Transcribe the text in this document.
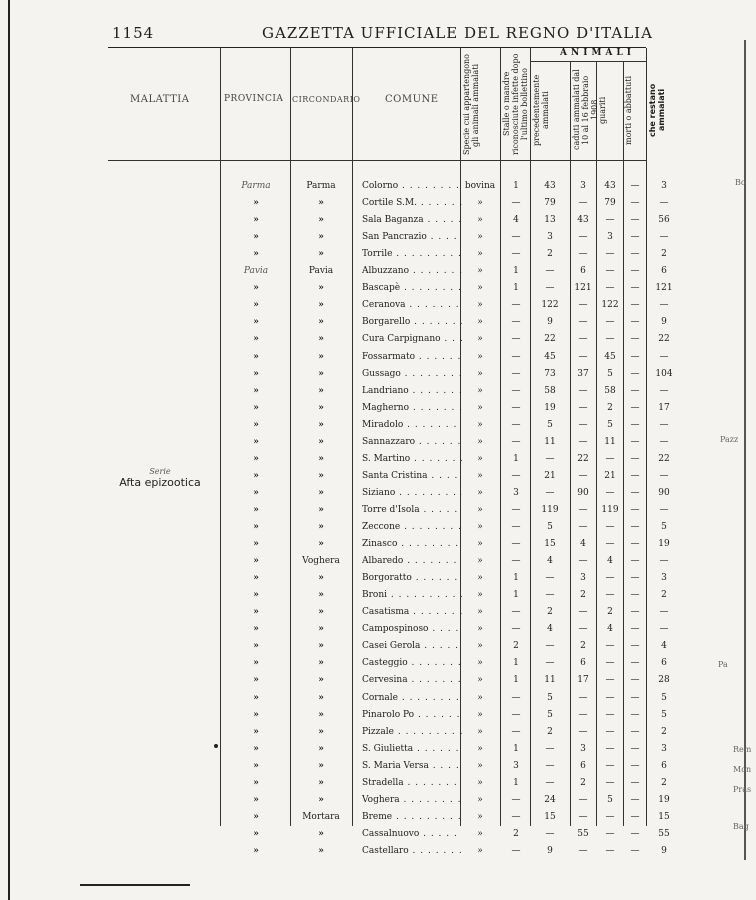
1154	GAZZETTA UFFICIALE DEL REGNO D'ITALIA
MALATTIA	PROVINCIA CIRCONDARIO COMUNE	Specie cui appartengono gli animali ammalati	Stalle o mandre riconosciute infette dopo l'ultimo bollettino
ANIMALI
precedentemente ammalati	caduti ammalati dal 10 al 16 febbraio 1908 guariti	morti o abbattuti	che restano ammalati
Serie
Afta epizootica
Parma	Parma	Colorno . . .	bovina	1	43	3	43	—	3
»	»	Cortile S.M. . . .	»	—	79	—	79	—	—
»	»	Sala Baganza . . .	»	4	13	43	—	—	56
»	»	San Pancrazio . . .	»	—	3	—	3	—	—
»	»	Torrile . . .	»	—	2	—	—	—	2
Pavia	Pavia	Albuzzano . . .	»	1	—	6	—	—	6
»	»	Bascapè . . .	»	1	—	121	—	—	121
»	»	Ceranova . . .	»	—	122	—	122	—	—
»	»	Borgarello . . .	»	—	9	—	—	—	9
»	»	Cura Carpignano . . .	»	—	22	—	—	—	22
»	»	Fossarmato . . .	»	—	45	—	45	—	—
»	»	Gussago . . .	»	—	73	37	5	—	104
»	»	Landriano . . .	»	—	58	—	58	—	—
»	»	Magherno . . .	»	—	19	—	2	—	17
»	»	Miradolo . . .	»	—	5	—	5	—	—
»	»	Sannazzaro . . .	»	—	11	—	11	—	—
»	»	S. Martino . . .	»	1	—	22	—	—	22
»	»	Santa Cristina . . .	»	—	21	—	21	—	—
»	»	Siziano . . .	»	3	—	90	—	—	90
»	»	Torre d'Isola . . .	»	—	119	—	119	—	—
»	»	Zeccone . . .	»	—	5	—	—	—	5
»	»	Zinasco . . .	»	—	15	4	—	—	19
»	Voghera	Albaredo . . .	»	—	4	—	4	—	—
»	»	Borgoratto . . .	»	1	—	3	—	—	3
»	»	Broni . . .	»	1	—	2	—	—	2
»	»	Casatisma . . .	»	—	2	—	2	—	—
»	»	Campospinoso . . .	»	—	4	—	4	—	—
»	»	Casei Gerola . . .	»	2	—	2	—	—	4
»	»	Casteggio . . .	»	1	—	6	—	—	6
»	»	Cervesina . . .	»	1	11	17	—	—	28
»	»	Cornale . . .	»	—	5	—	—	—	5
»	»	Pinarolo Po . . .	»	—	5	—	—	—	5
»	»	Pizzale . . .	»	—	2	—	—	—	2
»	»	S. Giulietta . . .	»	1	—	3	—	—	3
»	»	S. Maria Versa . . .	»	3	—	6	—	—	6
»	»	Stradella . . .	»	1	—	2	—	—	2
»	»	Voghera . . .	»	—	24	—	5	—	19
»	Mortara	Breme . . .	»	—	15	—	—	—	15
»	»	Cassalnuovo . . .	»	2	—	55	—	—	55
»	»	Castellaro . . .	»	—	9	—	—	—	9
Pazz
Pa
Bo
Mon
Rem
Pras
Bag
